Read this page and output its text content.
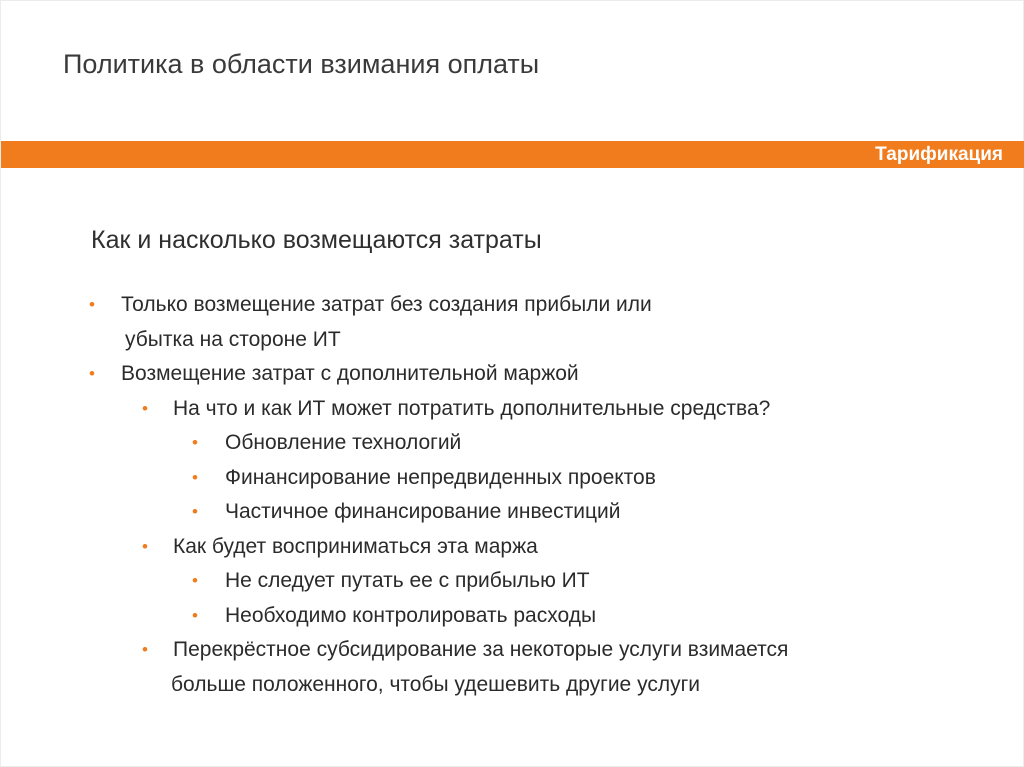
Политика в области взимания оплаты
Тарификация
Как и насколько возмещаются затраты
• Только возмещение затрат без создания прибыли или
убытка на стороне ИТ
• Возмещение затрат с дополнительной маржой
• На что и как ИТ может потратить дополнительные средства?
• Обновление технологий
• Финансирование непредвиденных проектов
• Частичное финансирование инвестиций
• Как будет восприниматься эта маржа
• Не следует путать ее с прибылью ИТ
• Необходимо контролировать расходы
• Перекрёстное субсидирование за некоторые услуги взимается
больше положенного, чтобы удешевить другие услуги
